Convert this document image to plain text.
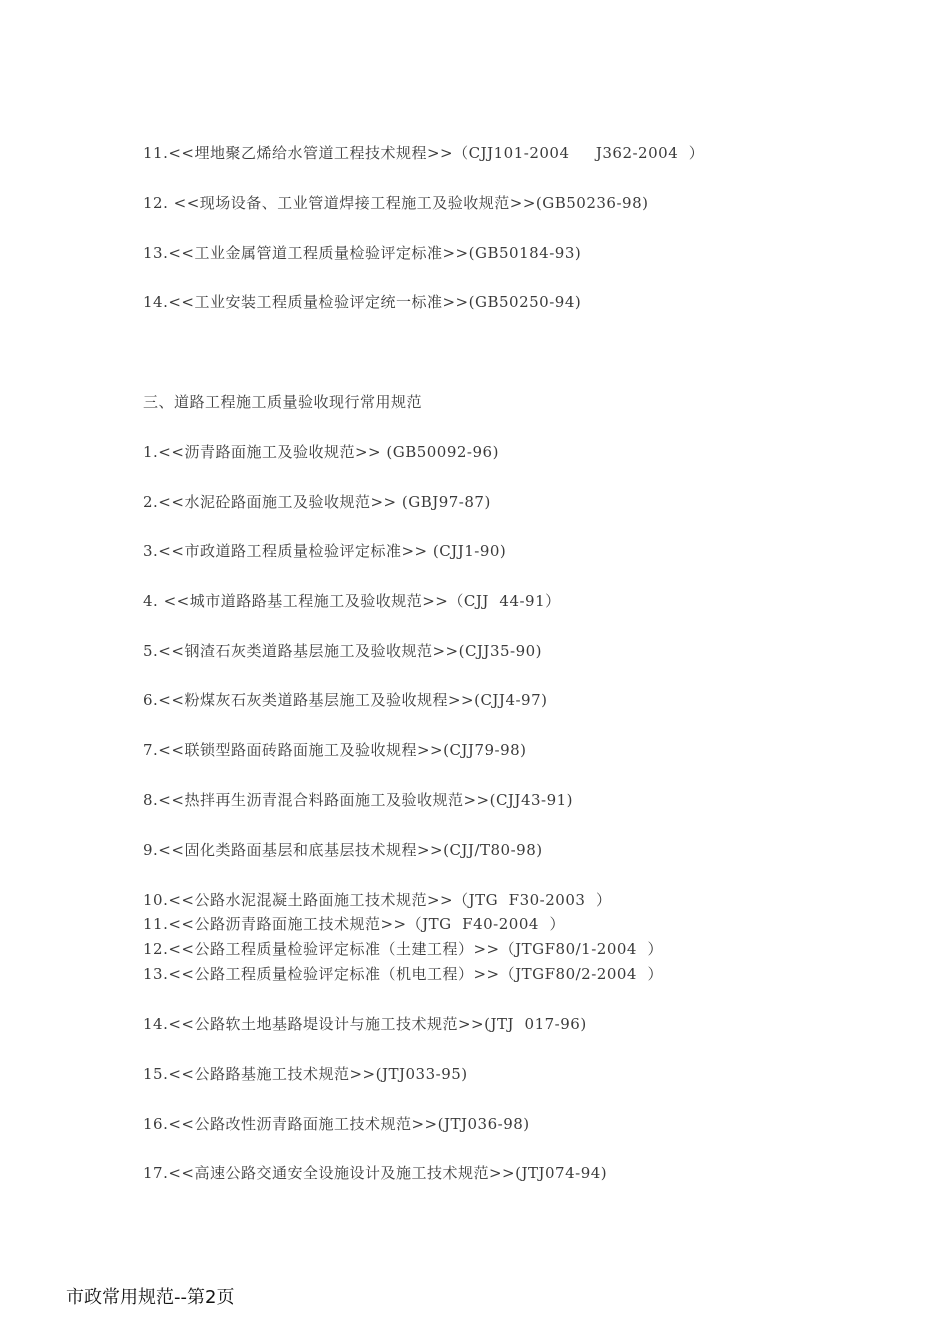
11.<<埋地聚乙烯给水管道工程技术规程>>（CJJ101-2004     J362-2004  ）
12. <<现场设备、工业管道焊接工程施工及验收规范>>(GB50236-98)
13.<<工业金属管道工程质量检验评定标准>>(GB50184-93)
14.<<工业安装工程质量检验评定统一标准>>(GB50250-94)
三、道路工程施工质量验收现行常用规范
1.<<沥青路面施工及验收规范>> (GB50092-96)
2.<<水泥砼路面施工及验收规范>> (GBJ97-87)
3.<<市政道路工程质量检验评定标准>> (CJJ1-90)
4. <<城市道路路基工程施工及验收规范>>（CJJ  44-91）
5.<<钢渣石灰类道路基层施工及验收规范>>(CJJ35-90)
6.<<粉煤灰石灰类道路基层施工及验收规程>>(CJJ4-97)
7.<<联锁型路面砖路面施工及验收规程>>(CJJ79-98)
8.<<热拌再生沥青混合料路面施工及验收规范>>(CJJ43-91)
9.<<固化类路面基层和底基层技术规程>>(CJJ/T80-98)
10.<<公路水泥混凝土路面施工技术规范>>（JTG  F30-2003  ）
11.<<公路沥青路面施工技术规范>>（JTG  F40-2004  ）
12.<<公路工程质量检验评定标准（土建工程）>>（JTGF80/1-2004  ）
13.<<公路工程质量检验评定标准（机电工程）>>（JTGF80/2-2004  ）
14.<<公路软土地基路堤设计与施工技术规范>>(JTJ  017-96)
15.<<公路路基施工技术规范>>(JTJ033-95)
16.<<公路改性沥青路面施工技术规范>>(JTJ036-98)
17.<<高速公路交通安全设施设计及施工技术规范>>(JTJ074-94)
市政常用规范--第2页
